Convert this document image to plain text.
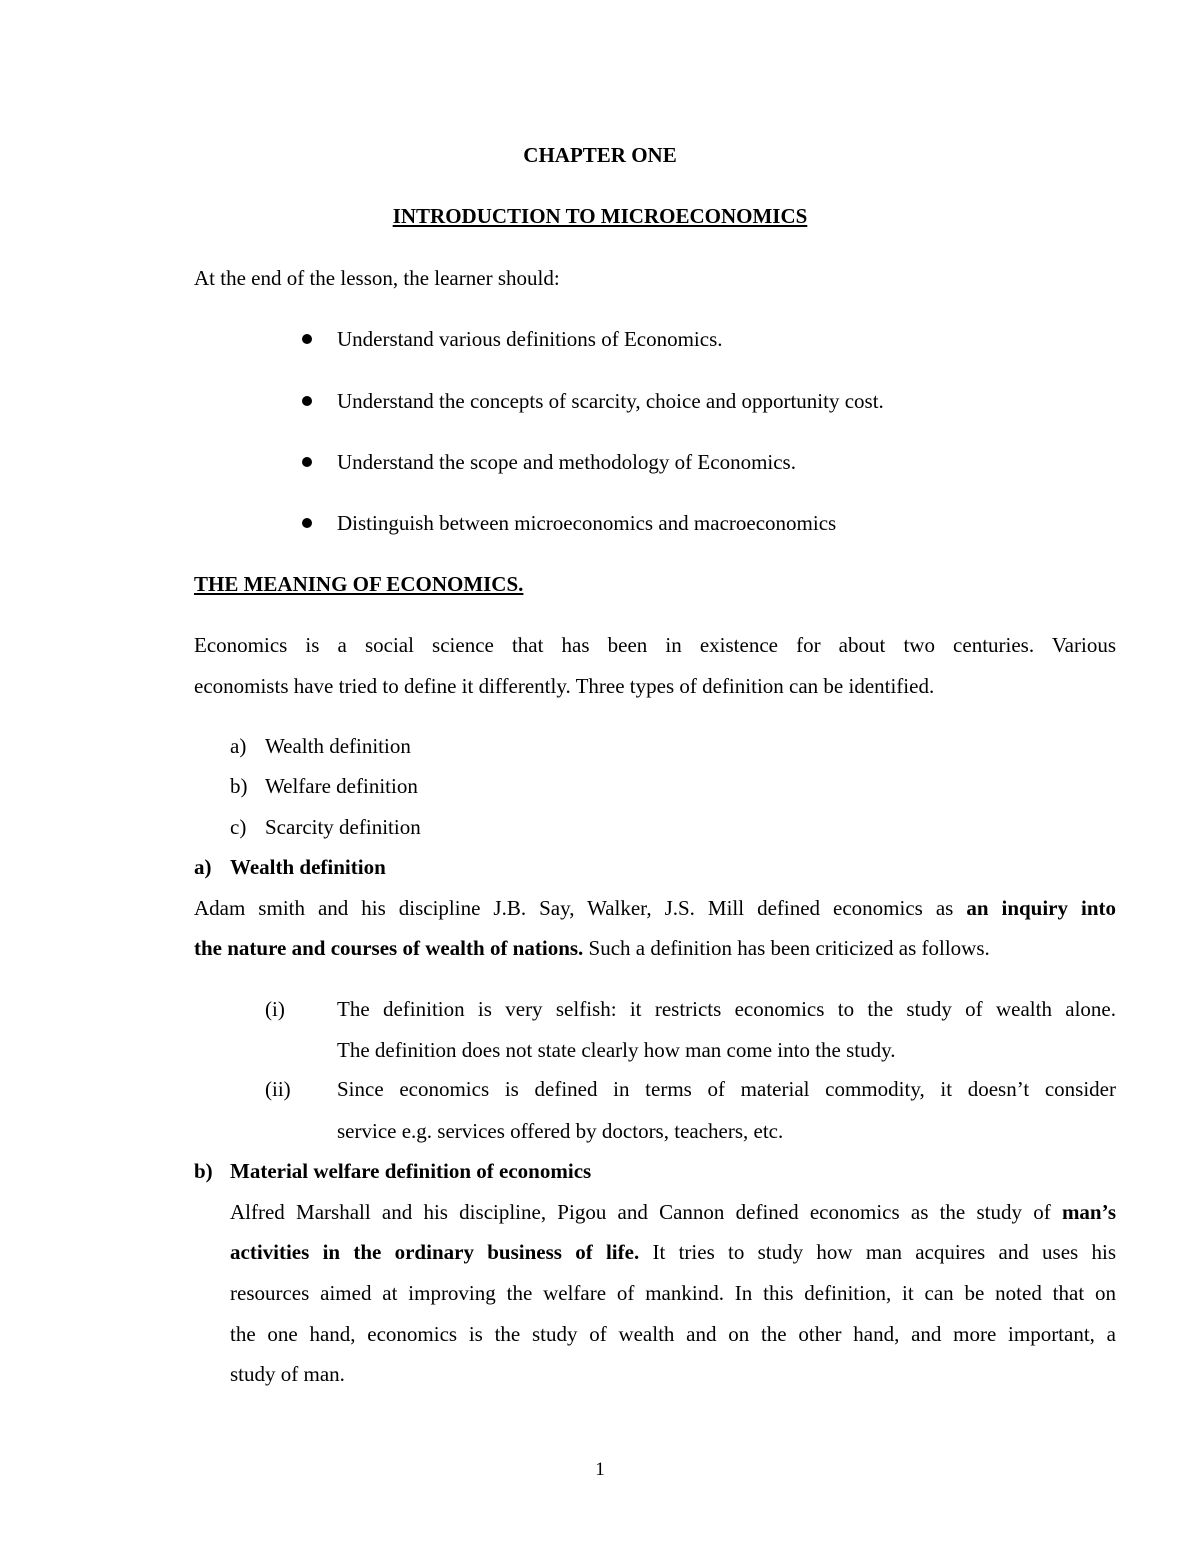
CHAPTER ONE
INTRODUCTION TO MICROECONOMICS
At the end of the lesson, the learner should:
Understand various definitions of Economics.
Understand the concepts of scarcity, choice and opportunity cost.
Understand the scope and methodology of Economics.
Distinguish between microeconomics and macroeconomics
THE MEANING OF ECONOMICS.
Economics is a social science that has been in existence for about two centuries. Various
economists have tried to define it differently. Three types of definition can be identified.
a) Wealth definition
b) Welfare definition
c) Scarcity definition
a) Wealth definition
Adam smith and his discipline J.B. Say, Walker, J.S. Mill defined economics as an inquiry into
the nature and courses of wealth of nations. Such a definition has been criticized as follows.
(i) The definition is very selfish: it restricts economics to the study of wealth alone.
The definition does not state clearly how man come into the study.
(ii) Since economics is defined in terms of material commodity, it doesn’t consider
service e.g. services offered by doctors, teachers, etc.
b) Material welfare definition of economics
Alfred Marshall and his discipline, Pigou and Cannon defined economics as the study of man’s
activities in the ordinary business of life. It tries to study how man acquires and uses his
resources aimed at improving the welfare of mankind. In this definition, it can be noted that on
the one hand, economics is the study of wealth and on the other hand, and more important, a
study of man.
1
